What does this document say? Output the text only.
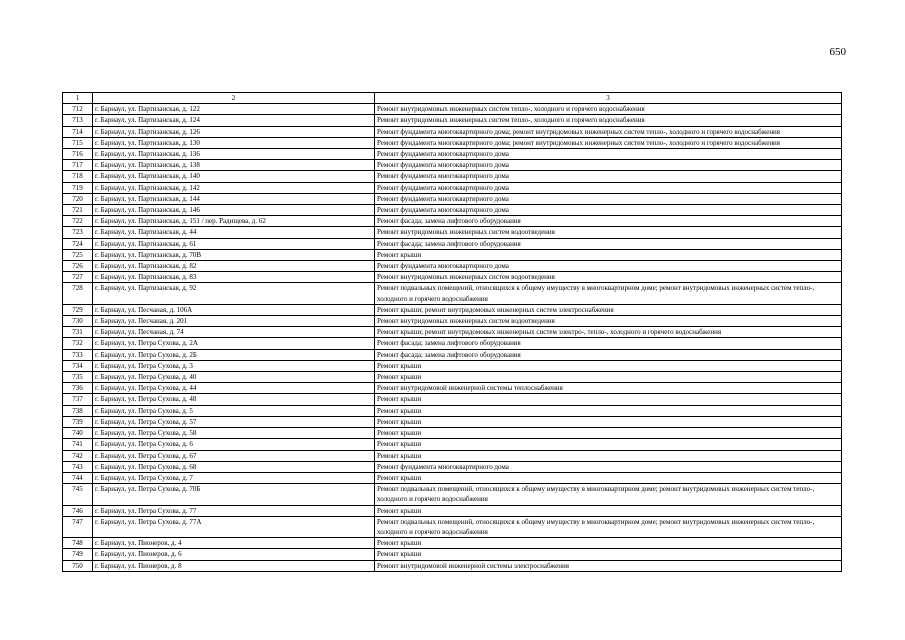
650
1	2	3
712	г. Барнаул, ул. Партизанская, д. 122	Ремонт внутридомовых инженерных систем тепло-, холодного и горячего водоснабжения
713	г. Барнаул, ул. Партизанская, д. 124	Ремонт внутридомовых инженерных систем тепло-, холодного и горячего водоснабжения
714	г. Барнаул, ул. Партизанская, д. 126	Ремонт фундамента многоквартирного дома; ремонт внутридомовых инженерных систем тепло-, холодного и горячего водоснабжения
715	г. Барнаул, ул. Партизанская, д. 130	Ремонт фундамента многоквартирного дома; ремонт внутридомовых инженерных систем тепло-, холодного и горячего водоснабжения
716	г. Барнаул, ул. Партизанская, д. 136	Ремонт фундамента многоквартирного дома
717	г. Барнаул, ул. Партизанская, д. 138	Ремонт фундамента многоквартирного дома
718	г. Барнаул, ул. Партизанская, д. 140	Ремонт фундамента многоквартирного дома
719	г. Барнаул, ул. Партизанская, д. 142	Ремонт фундамента многоквартирного дома
720	г. Барнаул, ул. Партизанская, д. 144	Ремонт фундамента многоквартирного дома
721	г. Барнаул, ул. Партизанская, д. 146	Ремонт фундамента многоквартирного дома
722	г. Барнаул, ул. Партизанская, д. 151 / пер. Радищева, д. 62	Ремонт фасада; замена лифтового оборудования
723	г. Барнаул, ул. Партизанская, д. 44	Ремонт внутридомовых инженерных систем водоотведения
724	г. Барнаул, ул. Партизанская, д. 61	Ремонт фасада; замена лифтового оборудования
725	г. Барнаул, ул. Партизанская, д. 70В	Ремонт крыши
726	г. Барнаул, ул. Партизанская, д. 82	Ремонт фундамента многоквартирного дома
727	г. Барнаул, ул. Партизанская, д. 83	Ремонт внутридомовых инженерных систем водоотведения
728	г. Барнаул, ул. Партизанская, д. 92	Ремонт подвальных помещений, относящихся к общему имуществу в многоквартирном доме; ремонт внутридомовых инженерных систем тепло-, холодного и горячего водоснабжения
729	г. Барнаул, ул. Песчаная, д. 106А	Ремонт крыши; ремонт внутридомовых инженерных систем электроснабжения
730	г. Барнаул, ул. Песчаная, д. 201	Ремонт внутридомовых инженерных систем водоотведения
731	г. Барнаул, ул. Песчаная, д. 74	Ремонт крыши; ремонт внутридомовых инженерных систем электро-, тепло-, холодного и горячего водоснабжения
732	г. Барнаул, ул. Петра Сухова, д. 2А	Ремонт фасада; замена лифтового оборудования
733	г. Барнаул, ул. Петра Сухова, д. 2Б	Ремонт фасада; замена лифтового оборудования
734	г. Барнаул, ул. Петра Сухова, д. 3	Ремонт крыши
735	г. Барнаул, ул. Петра Сухова, д. 40	Ремонт крыши
736	г. Барнаул, ул. Петра Сухова, д. 44	Ремонт внутридомовой инженерной системы теплоснабжения
737	г. Барнаул, ул. Петра Сухова, д. 48	Ремонт крыши
738	г. Барнаул, ул. Петра Сухова, д. 5	Ремонт крыши
739	г. Барнаул, ул. Петра Сухова, д. 57	Ремонт крыши
740	г. Барнаул, ул. Петра Сухова, д. 58	Ремонт крыши
741	г. Барнаул, ул. Петра Сухова, д. 6	Ремонт крыши
742	г. Барнаул, ул. Петра Сухова, д. 67	Ремонт крыши
743	г. Барнаул, ул. Петра Сухова, д. 68	Ремонт фундамента многоквартирного дома
744	г. Барнаул, ул. Петра Сухова, д. 7	Ремонт крыши
745	г. Барнаул, ул. Петра Сухова, д. 70Б	Ремонт подвальных помещений, относящихся к общему имуществу в многоквартирном доме; ремонт внутридомовых инженерных систем тепло-, холодного и горячего водоснабжения
746	г. Барнаул, ул. Петра Сухова, д. 77	Ремонт крыши
747	г. Барнаул, ул. Петра Сухова, д. 77А	Ремонт подвальных помещений, относящихся к общему имуществу в многоквартирном доме; ремонт внутридомовых инженерных систем тепло-, холодного и горячего водоснабжения
748	г. Барнаул, ул. Пионеров, д. 4	Ремонт крыши
749	г. Барнаул, ул. Пионеров, д. 6	Ремонт крыши
750	г. Барнаул, ул. Пионеров, д. 8	Ремонт внутридомовой инженерной системы электроснабжения
